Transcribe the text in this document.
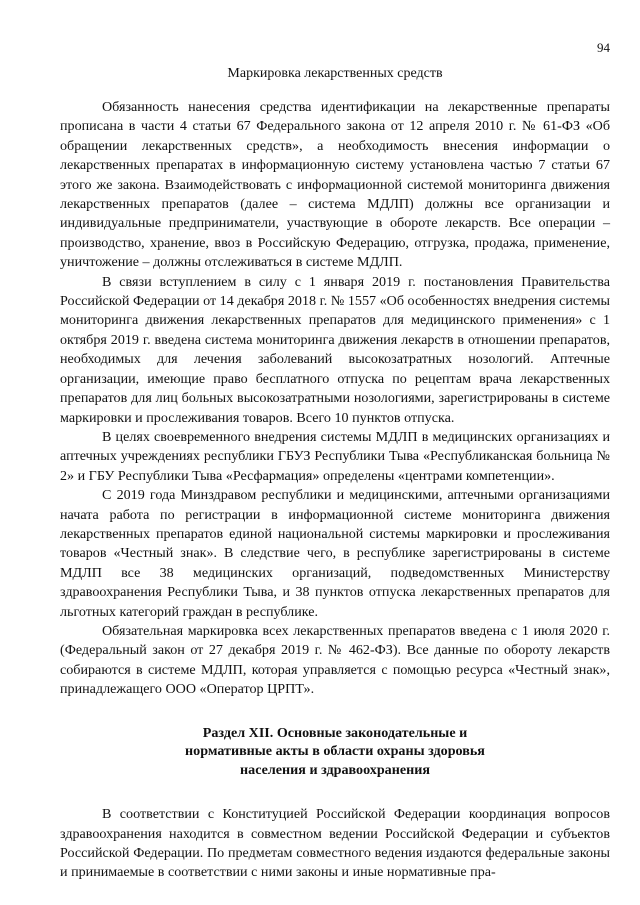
94
Маркировка лекарственных средств

Обязанность нанесения средства идентификации на лекарственные препараты прописана в части 4 статьи 67 Федерального закона от 12 апреля 2010 г. № 61-ФЗ «Об обращении лекарственных средств», а необходимость внесения информации о лекарственных препаратах в информационную систему установлена частью 7 статьи 67 этого же закона. Взаимодействовать с информационной системой мониторинга движения лекарственных препаратов (далее – система МДЛП) должны все организации и индивидуальные предприниматели, участвующие в обороте лекарств. Все операции – производство, хранение, ввоз в Российскую Федерацию, отгрузка, продажа, применение, уничтожение – должны отслеживаться в системе МДЛП.

В связи вступлением в силу с 1 января 2019 г. постановления Правительства Российской Федерации от 14 декабря 2018 г. № 1557 «Об особенностях внедрения системы мониторинга движения лекарственных препаратов для медицинского применения» с 1 октября 2019 г. введена система мониторинга движения лекарств в отношении препаратов, необходимых для лечения заболеваний высокозатратных нозологий. Аптечные организации, имеющие право бесплатного отпуска по рецептам врача лекарственных препаратов для лиц больных высокозатратными нозологиями, зарегистрированы в системе маркировки и прослеживания товаров. Всего 10 пунктов отпуска.

В целях своевременного внедрения системы МДЛП в медицинских организациях и аптечных учреждениях республики ГБУЗ Республики Тыва «Республиканская больница № 2» и ГБУ Республики Тыва «Ресфармация» определены «центрами компетенции».

С 2019 года Минздравом республики и медицинскими, аптечными организациями начата работа по регистрации в информационной системе мониторинга движения лекарственных препаратов единой национальной системы маркировки и прослеживания товаров «Честный знак». В следствие чего, в республике зарегистрированы в системе МДЛП все 38 медицинских организаций, подведомственных Министерству здравоохранения Республики Тыва, и 38 пунктов отпуска лекарственных препаратов для льготных категорий граждан в республике.

Обязательная маркировка всех лекарственных препаратов введена с 1 июля 2020 г. (Федеральный закон от 27 декабря 2019 г. № 462-ФЗ). Все данные по обороту лекарств собираются в системе МДЛП, которая управляется с помощью ресурса «Честный знак», принадлежащего ООО «Оператор ЦРПТ».

Раздел XII. Основные законодательные и
нормативные акты в области охраны здоровья
населения и здравоохранения

В соответствии с Конституцией Российской Федерации координация вопросов здравоохранения находится в совместном ведении Российской Федерации и субъектов Российской Федерации. По предметам совместного ведения издаются федеральные законы и принимаемые в соответствии с ними законы и иные нормативные пра-
